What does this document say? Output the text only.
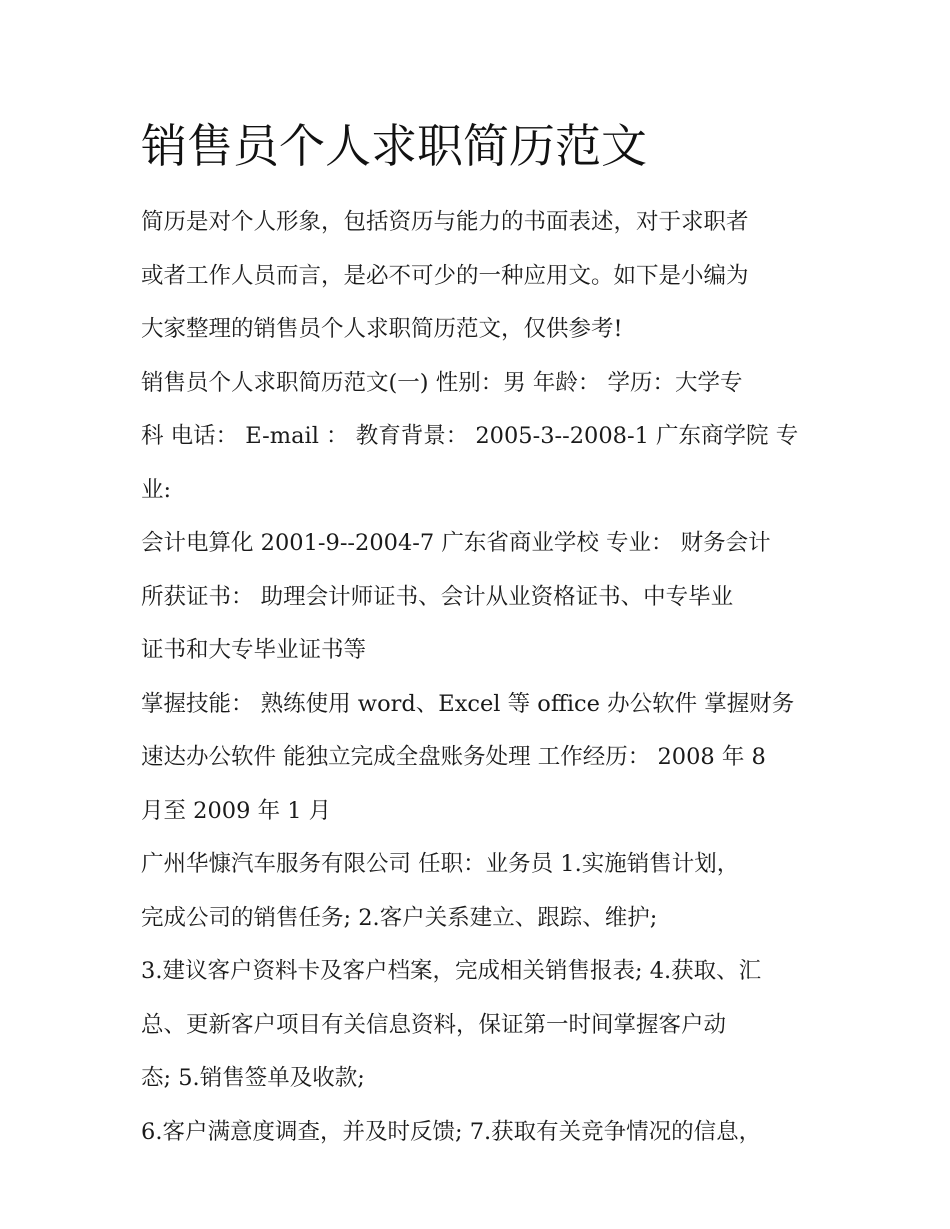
销售员个人求职简历范文

简历是对个人形象，包括资历与能力的书面表述，对于求职者

或者工作人员而言，是必不可少的一种应用文。如下是小编为

大家整理的销售员个人求职简历范文，仅供参考!

销售员个人求职简历范文(一) 性别：男 年龄： 学历：大学专

科 电话： E-mail ： 教育背景： 2005-3--2008-1 广东商学院 专

业:

会计电算化 2001-9--2004-7 广东省商业学校 专业： 财务会计

所获证书： 助理会计师证书、会计从业资格证书、中专毕业

证书和大专毕业证书等

掌握技能： 熟练使用 word、Excel 等 office 办公软件 掌握财务

速达办公软件 能独立完成全盘账务处理 工作经历： 2008 年 8

月至 2009 年 1 月

广州华慷汽车服务有限公司 任职：业务员 1.实施销售计划，

完成公司的销售任务; 2.客户关系建立、跟踪、维护;

3.建议客户资料卡及客户档案，完成相关销售报表; 4.获取、汇

总、更新客户项目有关信息资料，保证第一时间掌握客户动

态; 5.销售签单及收款;

6.客户满意度调查，并及时反馈; 7.获取有关竞争情况的信息，
